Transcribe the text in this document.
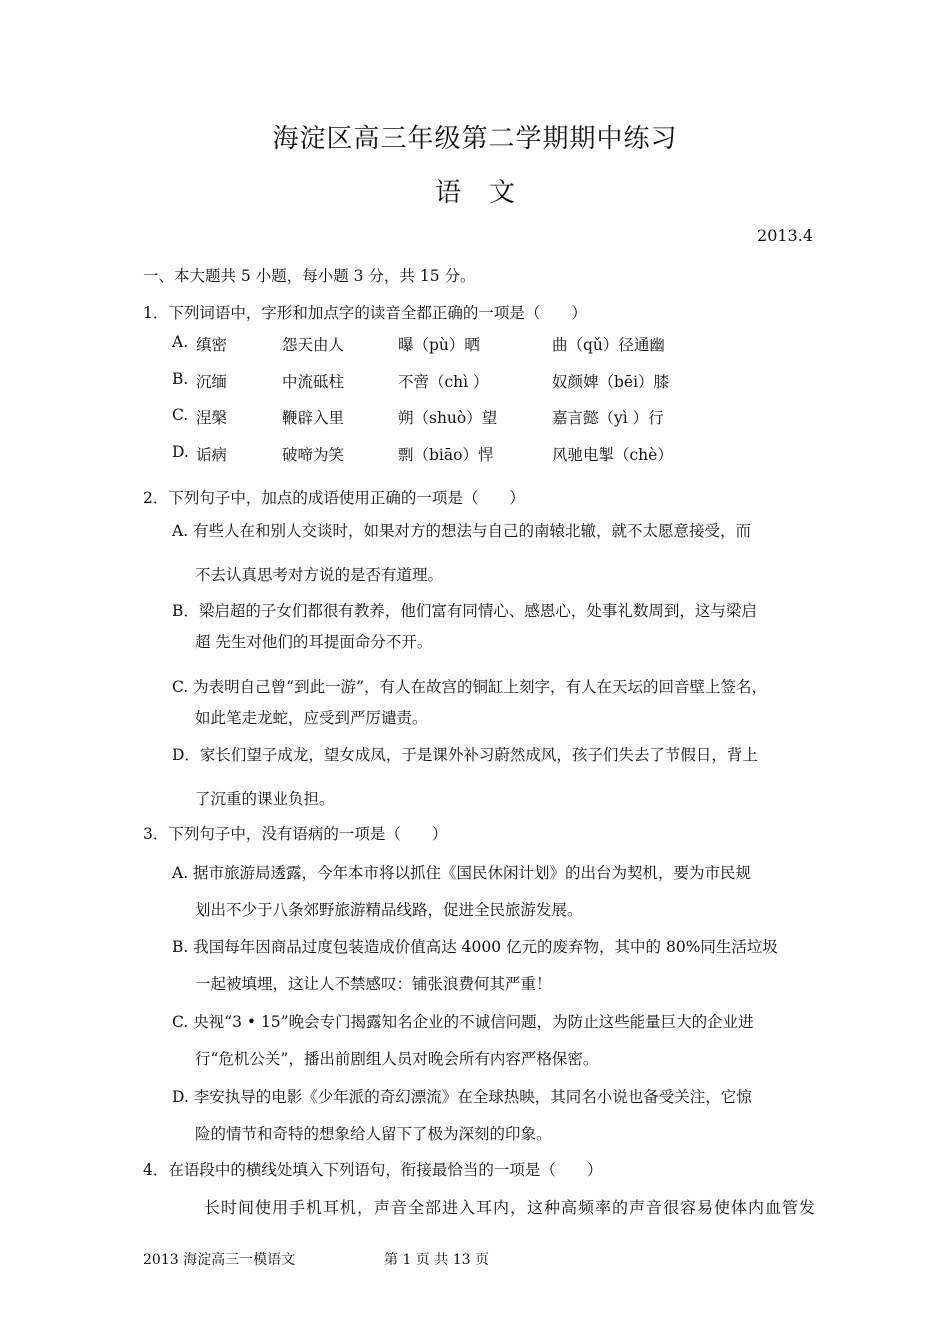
海淀区高三年级第二学期期中练习
语文
2013.4
一、本大题共 5 小题，每小题 3 分，共 15 分。
1．下列词语中，字形和加点字的读音全都正确的一项是（　　）
A. 缜密	怨天由人	曝（pù）晒	曲（qǔ）径通幽
B. 沉缅	中流砥柱	不啻（chì ）	奴颜婢（bēi）膝
C. 涅槃	鞭辟入里	朔（shuò）望	嘉言懿（yì ）行
D. 诟病	破啼为笑	剽（biāo）悍	风驰电掣（chè）
2．下列句子中，加点的成语使用正确的一项是（　　）
A. 有些人在和别人交谈时，如果对方的想法与自己的南辕北辙，就不太愿意接受，而
不去认真思考对方说的是否有道理。
B．梁启超的子女们都很有教养，他们富有同情心、感恩心，处事礼数周到，这与梁启
超 先生对他们的耳提面命分不开。
C. 为表明自己曾“到此一游”，有人在故宫的铜缸上刻字，有人在天坛的回音壁上签名，
如此笔走龙蛇，应受到严厉谴责。
D．家长们望子成龙，望女成凤，于是课外补习蔚然成风，孩子们失去了节假日，背上
了沉重的课业负担。
3．下列句子中，没有语病的一项是（　　）
A. 据市旅游局透露，今年本市将以抓住《国民休闲计划》的出台为契机，要为市民规
划出不少于八条郊野旅游精品线路，促进全民旅游发展。
B. 我国每年因商品过度包装造成价值高达 4000 亿元的废弃物，其中的 80%同生活垃圾
一起被填埋，这让人不禁感叹：铺张浪费何其严重！
C. 央视“3 • 15”晚会专门揭露知名企业的不诚信问题，为防止这些能量巨大的企业进
行“危机公关”，播出前剧组人员对晚会所有内容严格保密。
D. 李安执导的电影《少年派的奇幻漂流》在全球热映，其同名小说也备受关注，它惊
险的情节和奇特的想象给人留下了极为深刻的印象。
4．在语段中的横线处填入下列语句，衔接最恰当的一项是（　　）
长时间使用手机耳机，声音全部进入耳内，这种高频率的声音很容易使体内血管发
2013 海淀高三一模语文	第 1 页 共 13 页
